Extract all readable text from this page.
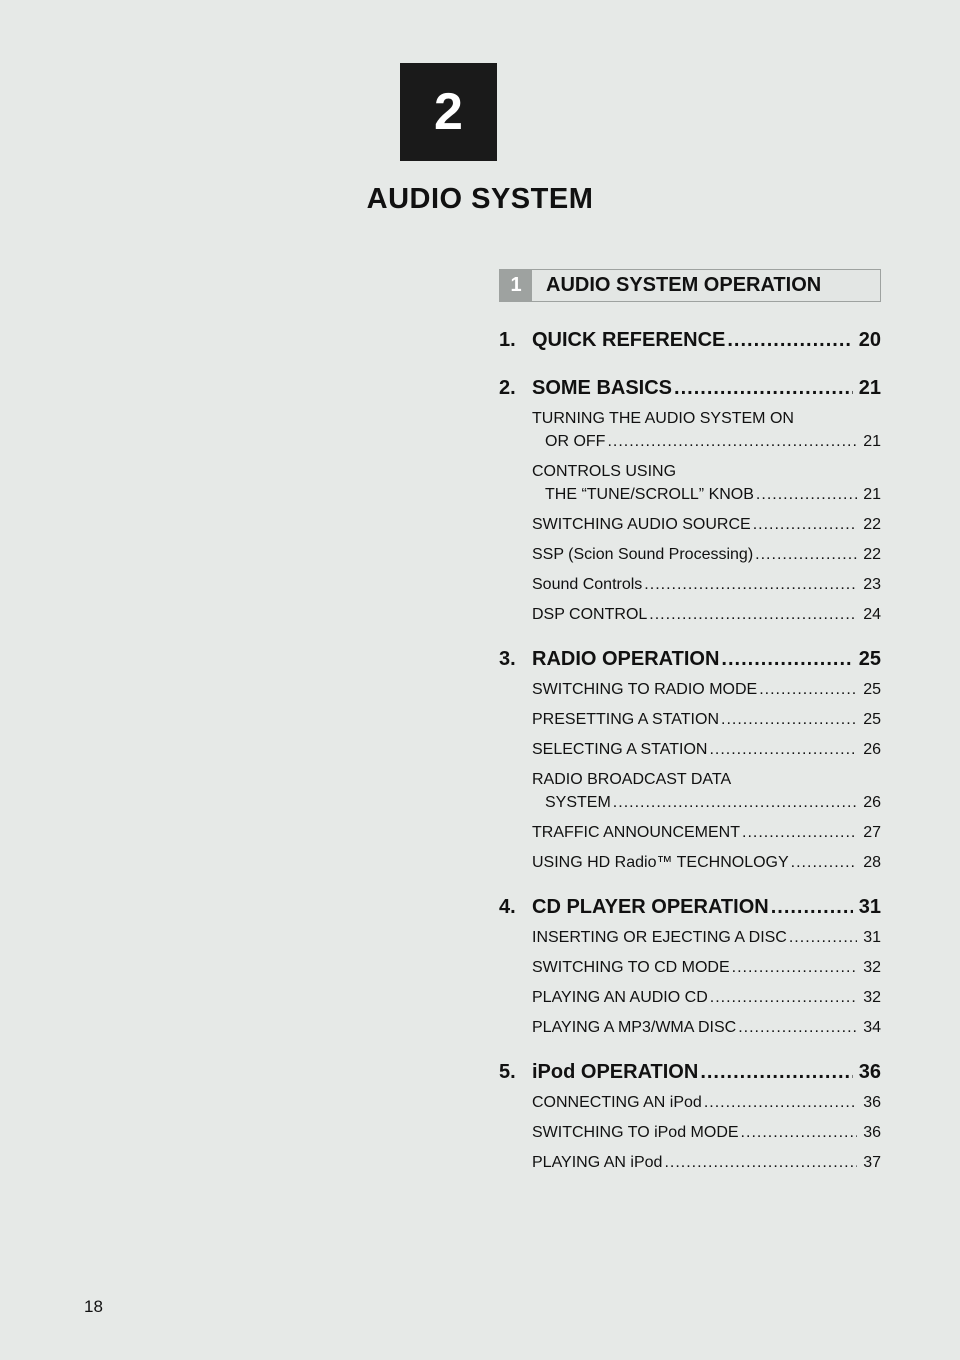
2
AUDIO SYSTEM
1	AUDIO SYSTEM OPERATION
1. QUICK REFERENCE .....	20
2. SOME BASICS .....	21
TURNING THE AUDIO SYSTEM ON
OR OFF .....	21
CONTROLS USING
THE “TUNE/SCROLL” KNOB .....	21
SWITCHING AUDIO SOURCE .....	22
SSP (Scion Sound Processing) .....	22
Sound Controls .....	23
DSP CONTROL .....	24
3. RADIO OPERATION .....	25
SWITCHING TO RADIO MODE .....	25
PRESETTING A STATION .....	25
SELECTING A STATION .....	26
RADIO BROADCAST DATA
SYSTEM .....	26
TRAFFIC ANNOUNCEMENT .....	27
USING HD Radio™ TECHNOLOGY .....	28
4. CD PLAYER OPERATION .....	31
INSERTING OR EJECTING A DISC .....	31
SWITCHING TO CD MODE .....	32
PLAYING AN AUDIO CD .....	32
PLAYING A MP3/WMA DISC .....	34
5. iPod OPERATION .....	36
CONNECTING AN iPod .....	36
SWITCHING TO iPod MODE .....	36
PLAYING AN iPod .....	37
18
